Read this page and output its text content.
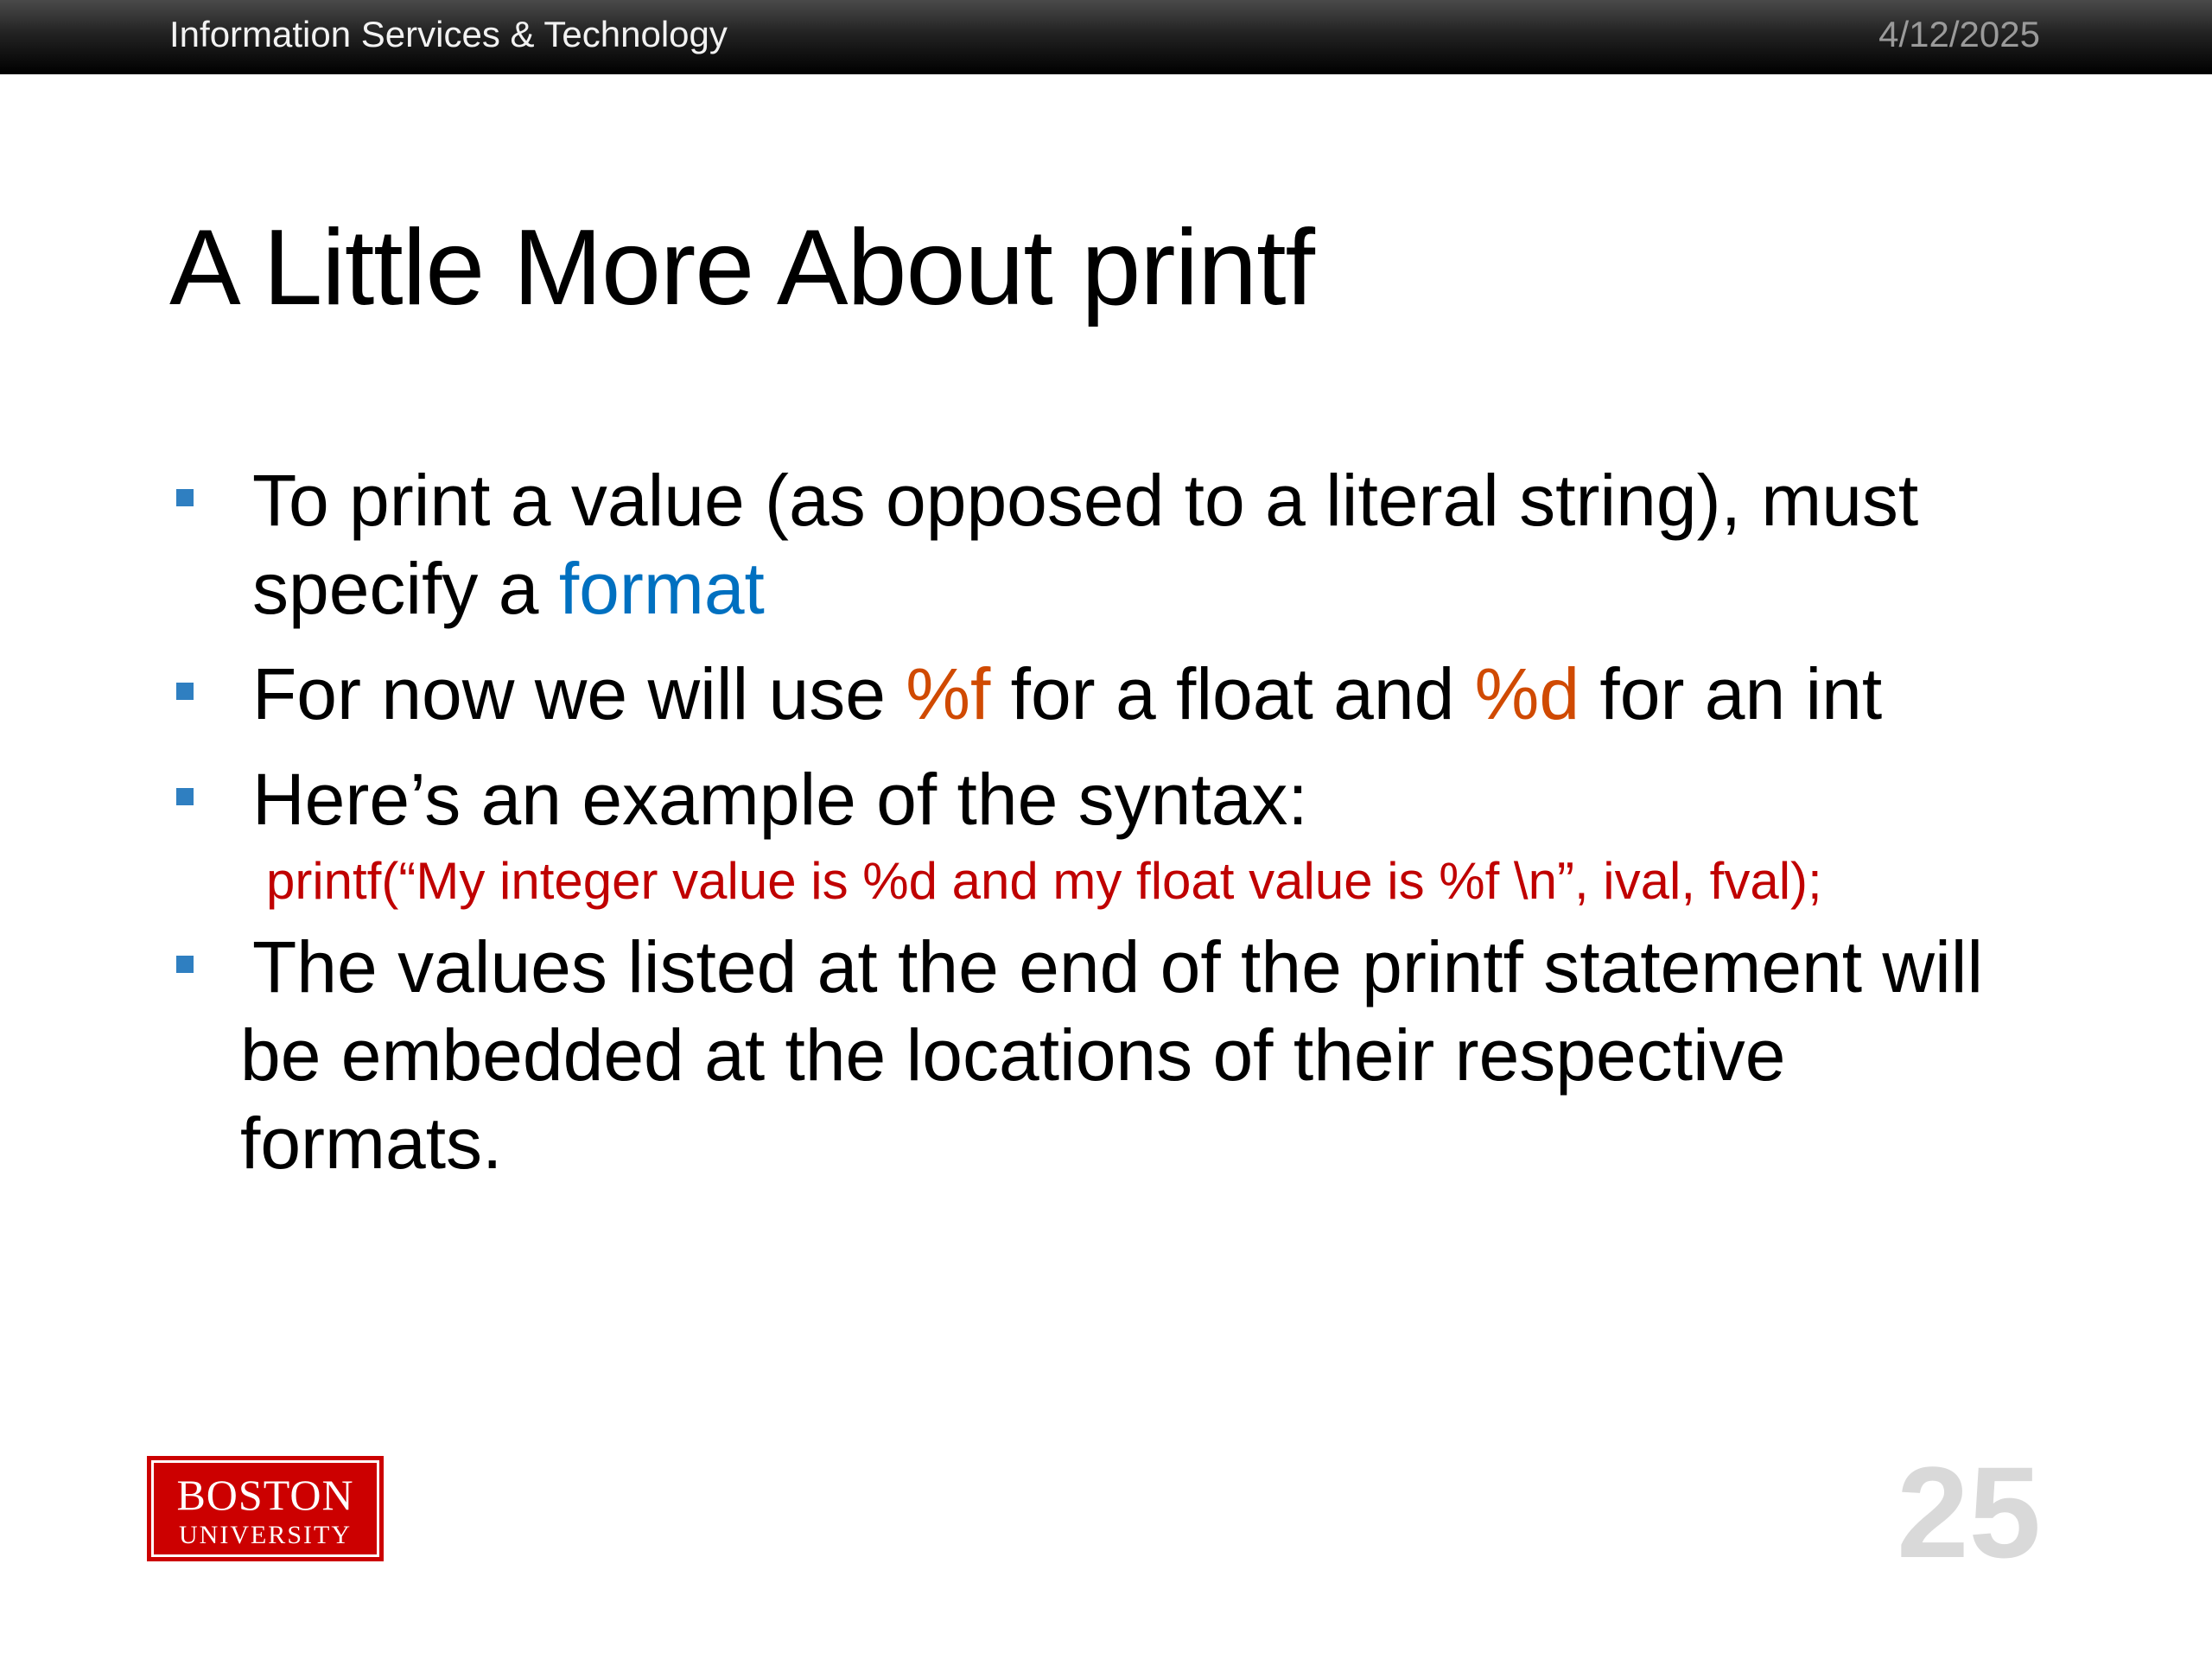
Information Services & Technology	4/12/2025
A Little More About printf
To print a value (as opposed to a literal string), must specify a format
For now we will use %f for a float and %d for an int
Here’s an example of the syntax:
printf(“My integer value is %d and my float value is %f \n”, ival, fval);
The values listed at the end of the printf statement will
be embedded at the locations of their respective
formats.
BOSTON
UNIVERSITY	25
